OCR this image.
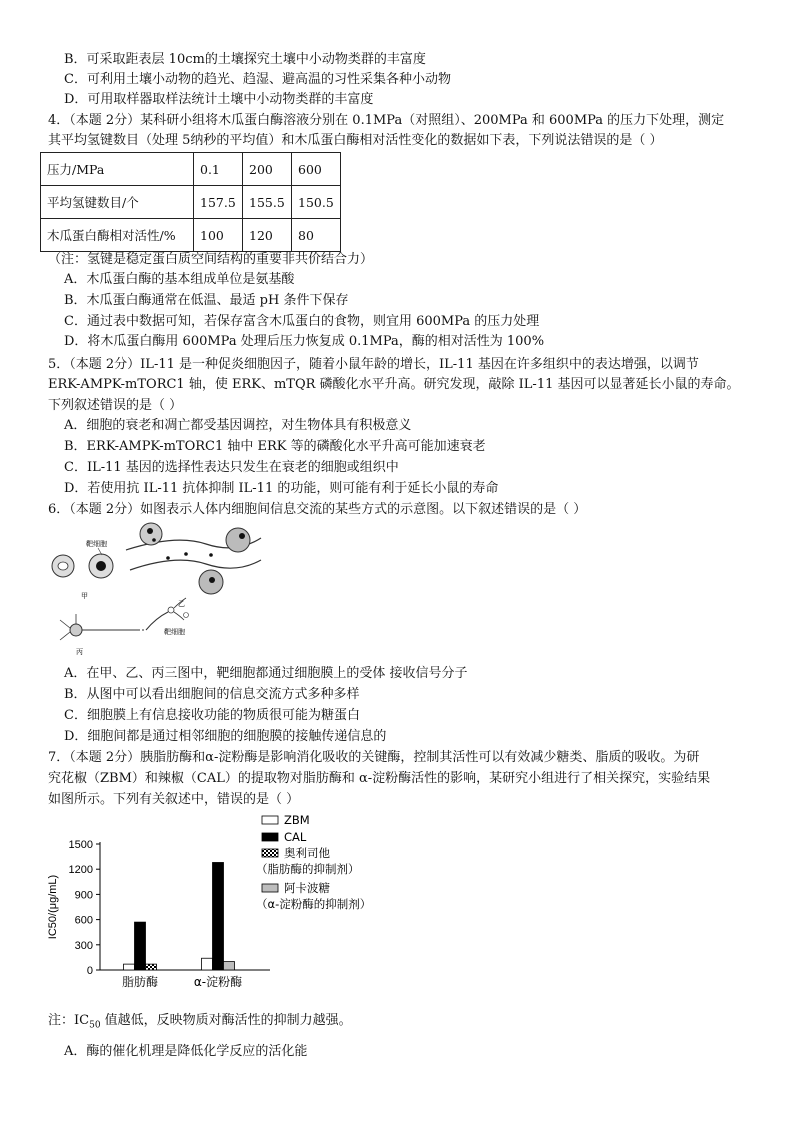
B．可采取距表层 10cm的土壤探究土壤中小动物类群的丰富度
C．可利用土壤小动物的趋光、趋湿、避高温的习性采集各种小动物
D．可用取样器取样法统计土壤中小动物类群的丰富度
4．（本题 2分）某科研小组将木瓜蛋白酶溶液分别在 0.1MPa（对照组）、200MPa 和 600MPa 的压力下处理，测定
其平均氢键数目（处理 5纳秒的平均值）和木瓜蛋白酶相对活性变化的数据如下表，下列说法错误的是（ ）
压力/MPa	0.1	200	600
平均氢键数目/个	157.5	155.5	150.5
木瓜蛋白酶相对活性/%	100	120	80
（注：氢键是稳定蛋白质空间结构的重要非共价结合力）
A．木瓜蛋白酶的基本组成单位是氨基酸
B．木瓜蛋白酶通常在低温、最适 pH 条件下保存
C．通过表中数据可知，若保存富含木瓜蛋白的食物，则宜用 600MPa 的压力处理
D．将木瓜蛋白酶用 600MPa 处理后压力恢复成 0.1MPa，酶的相对活性为 100%
5．（本题 2分）IL-11 是一种促炎细胞因子，随着小鼠年龄的增长，IL-11 基因在许多组织中的表达增强，以调节
ERK-AMPK-mTORC1 轴，使 ERK、mTQR 磷酸化水平升高。研究发现，敲除 IL-11 基因可以显著延长小鼠的寿命。
下列叙述错误的是（ ）
A．细胞的衰老和凋亡都受基因调控，对生物体具有积极意义
B．ERK-AMPK-mTORC1 轴中 ERK 等的磷酸化水平升高可能加速衰老
C．IL-11 基因的选择性表达只发生在衰老的细胞或组织中
D．若使用抗 IL-11 抗体抑制 IL-11 的功能，则可能有利于延长小鼠的寿命
6．（本题 2分）如图表示人体内细胞间信息交流的某些方式的示意图。以下叙述错误的是（ ）
靶细胞
甲
乙
靶细胞
丙
A．在甲、乙、丙三图中，靶细胞都通过细胞膜上的受体 接收信号分子
B．从图中可以看出细胞间的信息交流方式多种多样
C．细胞膜上有信息接收功能的物质很可能为糖蛋白
D．细胞间都是通过相邻细胞的细胞膜的接触传递信息的
7．（本题 2分）胰脂肪酶和α-淀粉酶是影响消化吸收的关键酶，控制其活性可以有效减少糖类、脂质的吸收。为研
究花椒（ZBM）和辣椒（CAL）的提取物对脂肪酶和 α-淀粉酶活性的影响，某研究小组进行了相关探究，实验结果
如图所示。下列有关叙述中，错误的是（ ）
0
300
600
900
1200
1500
IC50/(μg/mL)
脂肪酶	α-淀粉酶
ZBM
CAL
奥利司他
（脂肪酶的抑制剂）
阿卡波糖
（α-淀粉酶的抑制剂）
注：$IC_{50}$ 值越低，反映物质对酶活性的抑制力越强。
A．酶的催化机理是降低化学反应的活化能
